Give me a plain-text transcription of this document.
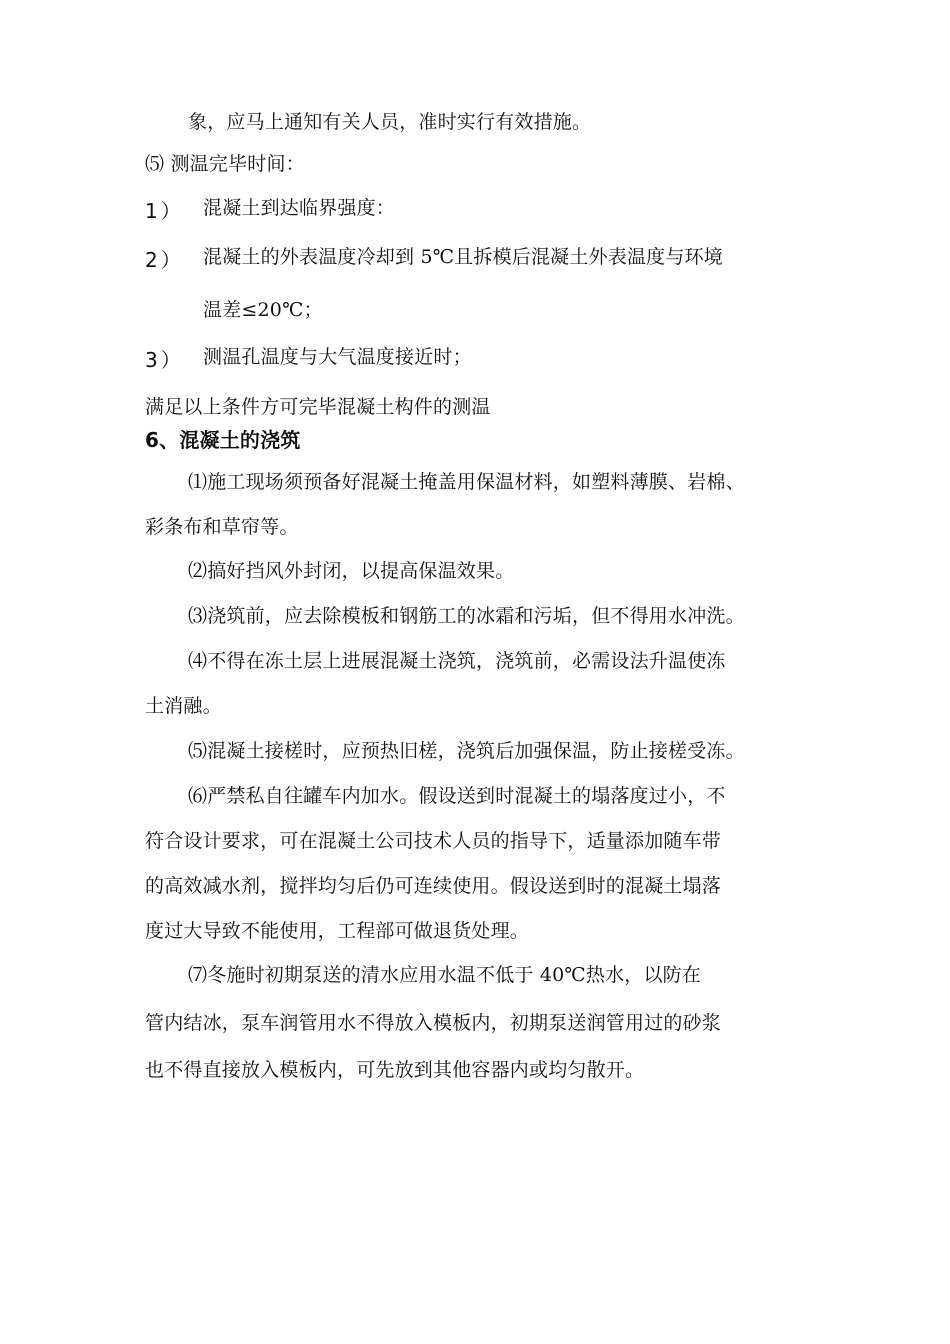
象，应马上通知有关人员，准时实行有效措施。
⑸ 测温完毕时间：
1） 混凝土到达临界强度：
2） 混凝土的外表温度冷却到 5℃且拆模后混凝土外表温度与环境
温差≤20℃；
3） 测温孔温度与大气温度接近时；
满足以上条件方可完毕混凝土构件的测温
6、混凝土的浇筑
⑴施工现场须预备好混凝土掩盖用保温材料，如塑料薄膜、岩棉、
彩条布和草帘等。
⑵搞好挡风外封闭，以提高保温效果。
⑶浇筑前，应去除模板和钢筋工的冰霜和污垢，但不得用水冲洗。
⑷不得在冻土层上进展混凝土浇筑，浇筑前，必需设法升温使冻
土消融。
⑸混凝土接槎时，应预热旧槎，浇筑后加强保温，防止接槎受冻。
⑹严禁私自往罐车内加水。假设送到时混凝土的塌落度过小，不
符合设计要求，可在混凝土公司技术人员的指导下，适量添加随车带
的高效减水剂，搅拌均匀后仍可连续使用。假设送到时的混凝土塌落
度过大导致不能使用，工程部可做退货处理。
⑺冬施时初期泵送的清水应用水温不低于 40℃热水，以防在
管内结冰，泵车润管用水不得放入模板内，初期泵送润管用过的砂浆
也不得直接放入模板内，可先放到其他容器内或均匀散开。
